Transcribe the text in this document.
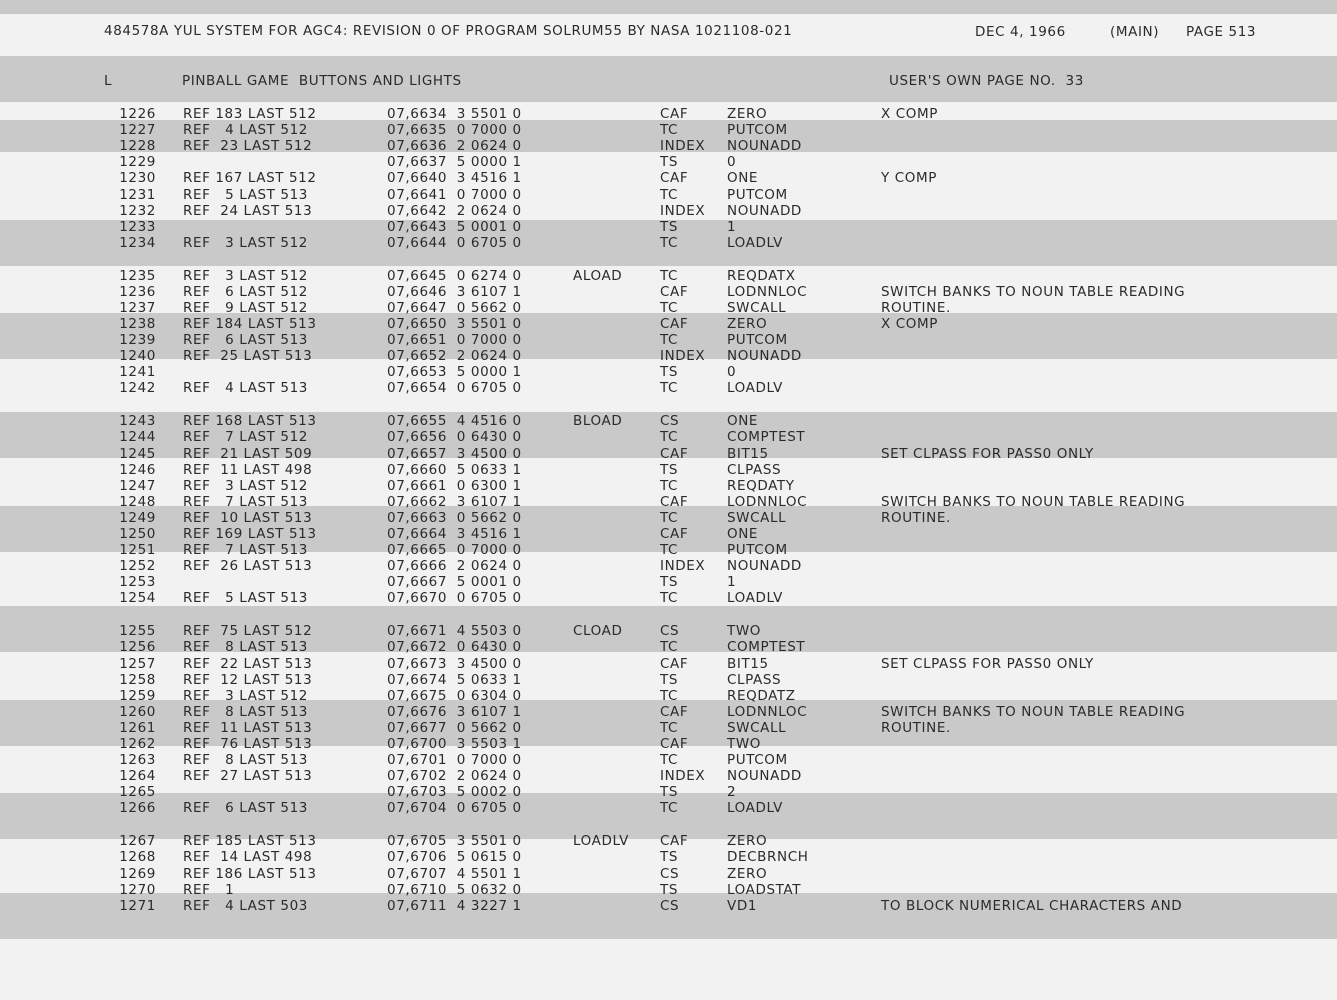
484578A YUL SYSTEM FOR AGC4: REVISION 0 OF PROGRAM SOLRUM55 BY NASA 1021108-021	DEC 4, 1966	(MAIN) PAGE 513
L	PINBALL GAME  BUTTONS AND LIGHTS	USER'S OWN PAGE NO.  33
1226 REF 183 LAST 512	07,6634  3 5501 0	CAF	ZERO	X COMP
1227 REF   4 LAST 512	07,6635  0 7000 0	TC	PUTCOM
1228 REF  23 LAST 512	07,6636  2 0624 0	INDEX NOUNADD
1229	07,6637  5 0000 1	TS	0
1230 REF 167 LAST 512	07,6640  3 4516 1	CAF	ONE	Y COMP
1231 REF   5 LAST 513	07,6641  0 7000 0	TC	PUTCOM
1232 REF  24 LAST 513	07,6642  2 0624 0	INDEX NOUNADD
1233	07,6643  5 0001 0	TS	1
1234 REF   3 LAST 512	07,6644  0 6705 0	TC	LOADLV
1235 REF   3 LAST 512	07,6645  0 6274 0	ALOAD	TC	REQDATX
1236 REF   6 LAST 512	07,6646  3 6107 1	CAF	LODNNLOC	SWITCH BANKS TO NOUN TABLE READING
1237 REF   9 LAST 512	07,6647  0 5662 0	TC	SWCALL	ROUTINE.
1238 REF 184 LAST 513	07,6650  3 5501 0	CAF	ZERO	X COMP
1239 REF   6 LAST 513	07,6651  0 7000 0	TC	PUTCOM
1240 REF  25 LAST 513	07,6652  2 0624 0	INDEX NOUNADD
1241	07,6653  5 0000 1	TS	0
1242 REF   4 LAST 513	07,6654  0 6705 0	TC	LOADLV
1243 REF 168 LAST 513	07,6655  4 4516 0	BLOAD	CS	ONE
1244 REF   7 LAST 512	07,6656  0 6430 0	TC	COMPTEST
1245 REF  21 LAST 509	07,6657  3 4500 0	CAF	BIT15	SET CLPASS FOR PASS0 ONLY
1246 REF  11 LAST 498	07,6660  5 0633 1	TS	CLPASS
1247 REF   3 LAST 512	07,6661  0 6300 1	TC	REQDATY
1248 REF   7 LAST 513	07,6662  3 6107 1	CAF	LODNNLOC	SWITCH BANKS TO NOUN TABLE READING
1249 REF  10 LAST 513	07,6663  0 5662 0	TC	SWCALL	ROUTINE.
1250 REF 169 LAST 513	07,6664  3 4516 1	CAF	ONE
1251 REF   7 LAST 513	07,6665  0 7000 0	TC	PUTCOM
1252 REF  26 LAST 513	07,6666  2 0624 0	INDEX NOUNADD
1253	07,6667  5 0001 0	TS	1
1254 REF   5 LAST 513	07,6670  0 6705 0	TC	LOADLV
1255 REF  75 LAST 512	07,6671  4 5503 0	CLOAD	CS	TWO
1256 REF   8 LAST 513	07,6672  0 6430 0	TC	COMPTEST
1257 REF  22 LAST 513	07,6673  3 4500 0	CAF	BIT15	SET CLPASS FOR PASS0 ONLY
1258 REF  12 LAST 513	07,6674  5 0633 1	TS	CLPASS
1259 REF   3 LAST 512	07,6675  0 6304 0	TC	REQDATZ
1260 REF   8 LAST 513	07,6676  3 6107 1	CAF	LODNNLOC	SWITCH BANKS TO NOUN TABLE READING
1261 REF  11 LAST 513	07,6677  0 5662 0	TC	SWCALL	ROUTINE.
1262 REF  76 LAST 513	07,6700  3 5503 1	CAF	TWO
1263 REF   8 LAST 513	07,6701  0 7000 0	TC	PUTCOM
1264 REF  27 LAST 513	07,6702  2 0624 0	INDEX NOUNADD
1265	07,6703  5 0002 0	TS	2
1266 REF   6 LAST 513	07,6704  0 6705 0	TC	LOADLV
1267 REF 185 LAST 513	07,6705  3 5501 0	LOADLV CAF	ZERO
1268 REF  14 LAST 498	07,6706  5 0615 0	TS	DECBRNCH
1269 REF 186 LAST 513	07,6707  4 5501 1	CS	ZERO
1270 REF   1	07,6710  5 0632 0	TS	LOADSTAT
1271 REF   4 LAST 503	07,6711  4 3227 1	CS	VD1	TO BLOCK NUMERICAL CHARACTERS AND
